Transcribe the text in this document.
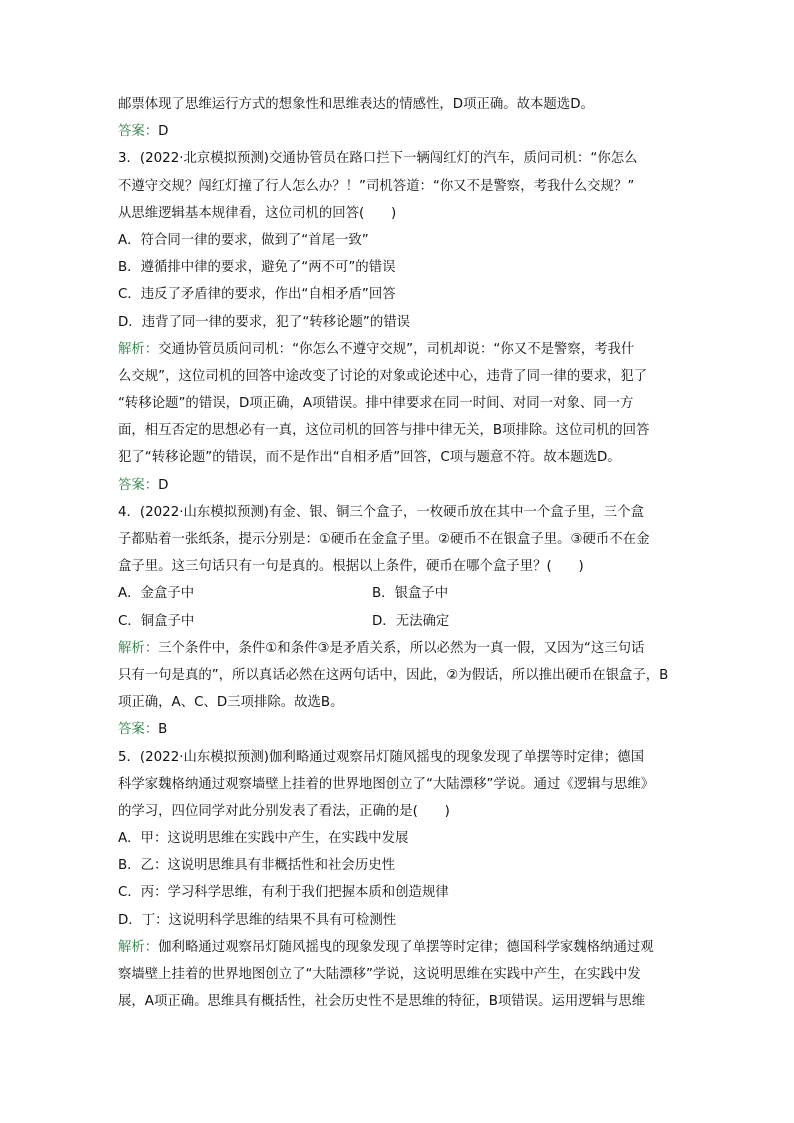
邮票体现了思维运行方式的想象性和思维表达的情感性，D项正确。故本题选D。
答案：D
3．(2022·北京模拟预测)交通协管员在路口拦下一辆闯红灯的汽车，质问司机：“你怎么
不遵守交规？闯红灯撞了行人怎么办？！”司机答道：“你又不是警察，考我什么交规？”
从思维逻辑基本规律看，这位司机的回答(　　)
A．符合同一律的要求，做到了“首尾一致”
B．遵循排中律的要求，避免了“两不可”的错误
C．违反了矛盾律的要求，作出“自相矛盾”回答
D．违背了同一律的要求，犯了“转移论题”的错误
解析：交通协管员质问司机：“你怎么不遵守交规”，司机却说：“你又不是警察，考我什
么交规”，这位司机的回答中途改变了讨论的对象或论述中心，违背了同一律的要求，犯了
“转移论题”的错误，D项正确，A项错误。排中律要求在同一时间、对同一对象、同一方
面，相互否定的思想必有一真，这位司机的回答与排中律无关，B项排除。这位司机的回答
犯了“转移论题”的错误，而不是作出“自相矛盾”回答，C项与题意不符。故本题选D。
答案：D
4．(2022·山东模拟预测)有金、银、铜三个盒子，一枚硬币放在其中一个盒子里，三个盒
子都贴着一张纸条，提示分别是：①硬币在金盒子里。②硬币不在银盒子里。③硬币不在金
盒子里。这三句话只有一句是真的。根据以上条件，硬币在哪个盒子里？(　　)
A．金盒子中	B．银盒子中
C．铜盒子中	D．无法确定
解析：三个条件中，条件①和条件③是矛盾关系，所以必然为一真一假，又因为“这三句话
只有一句是真的”，所以真话必然在这两句话中，因此，②为假话，所以推出硬币在银盒子，B
项正确，A、C、D三项排除。故选B。
答案：B
5．(2022·山东模拟预测)伽利略通过观察吊灯随风摇曳的现象发现了单摆等时定律；德国
科学家魏格纳通过观察墙壁上挂着的世界地图创立了“大陆漂移”学说。通过《逻辑与思维》
的学习，四位同学对此分别发表了看法，正确的是(　　)
A．甲：这说明思维在实践中产生，在实践中发展
B．乙：这说明思维具有非概括性和社会历史性
C．丙：学习科学思维，有利于我们把握本质和创造规律
D．丁：这说明科学思维的结果不具有可检测性
解析：伽利略通过观察吊灯随风摇曳的现象发现了单摆等时定律；德国科学家魏格纳通过观
察墙壁上挂着的世界地图创立了“大陆漂移”学说，这说明思维在实践中产生，在实践中发
展，A项正确。思维具有概括性，社会历史性不是思维的特征，B项错误。运用逻辑与思维
